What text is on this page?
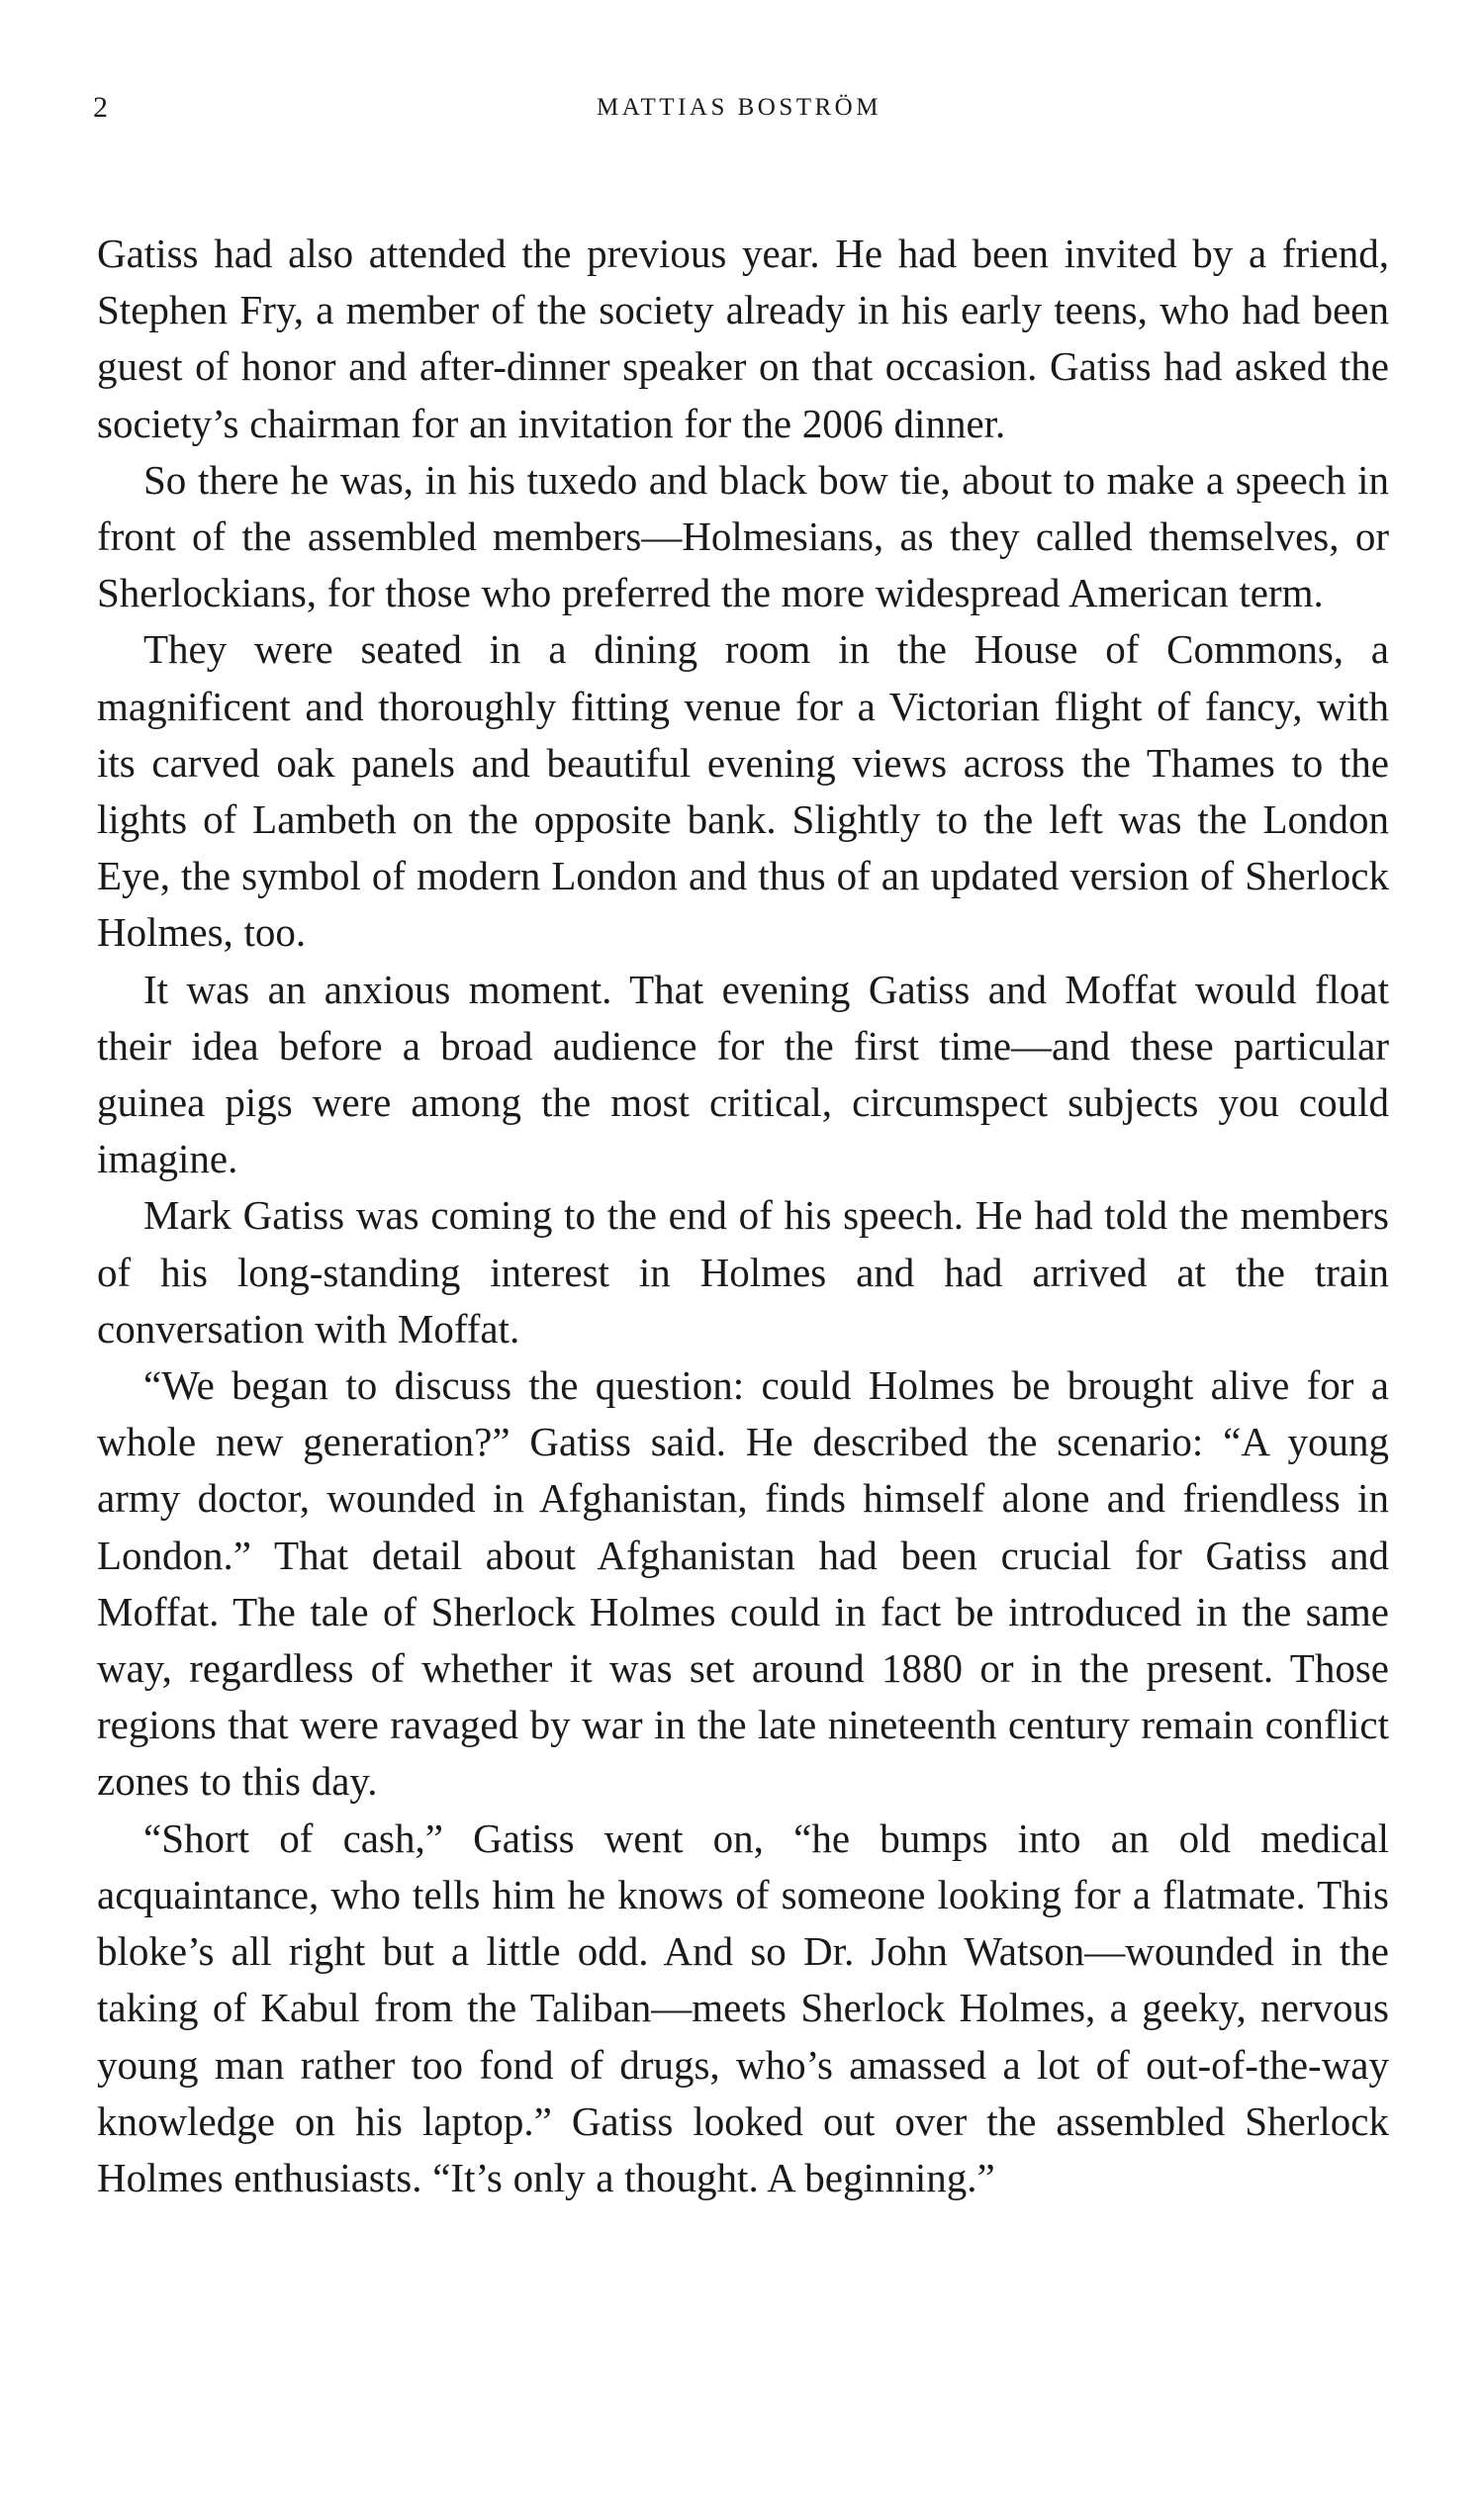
2	MATTIAS BOSTRÖM

Gatiss had also attended the previous year. He had been invited by a friend, Stephen Fry, a member of the society already in his early teens, who had been guest of honor and after-dinner speaker on that occasion. Gatiss had asked the society’s chairman for an invitation for the 2006 dinner.

So there he was, in his tuxedo and black bow tie, about to make a speech in front of the assembled members—Holmesians, as they called themselves, or Sherlockians, for those who preferred the more widespread American term.

They were seated in a dining room in the House of Commons, a magnificent and thoroughly fitting venue for a Victorian flight of fancy, with its carved oak panels and beautiful evening views across the Thames to the lights of Lambeth on the opposite bank. Slightly to the left was the London Eye, the symbol of modern London and thus of an updated version of Sherlock Holmes, too.

It was an anxious moment. That evening Gatiss and Moffat would float their idea before a broad audience for the first time—and these particular guinea pigs were among the most critical, circumspect subjects you could imagine.

Mark Gatiss was coming to the end of his speech. He had told the members of his long-standing interest in Holmes and had arrived at the train conversation with Moffat.

“We began to discuss the question: could Holmes be brought alive for a whole new generation?” Gatiss said. He described the scenario: “A young army doctor, wounded in Afghanistan, finds himself alone and friendless in London.” That detail about Afghanistan had been crucial for Gatiss and Moffat. The tale of Sherlock Holmes could in fact be introduced in the same way, regardless of whether it was set around 1880 or in the present. Those regions that were ravaged by war in the late nineteenth century remain conflict zones to this day.

“Short of cash,” Gatiss went on, “he bumps into an old medical acquaintance, who tells him he knows of someone looking for a flatmate. This bloke’s all right but a little odd. And so Dr. John Watson—wounded in the taking of Kabul from the Taliban—meets Sherlock Holmes, a geeky, nervous young man rather too fond of drugs, who’s amassed a lot of out-of-the-way knowledge on his laptop.” Gatiss looked out over the assembled Sherlock Holmes enthusiasts. “It’s only a thought. A beginning.”
